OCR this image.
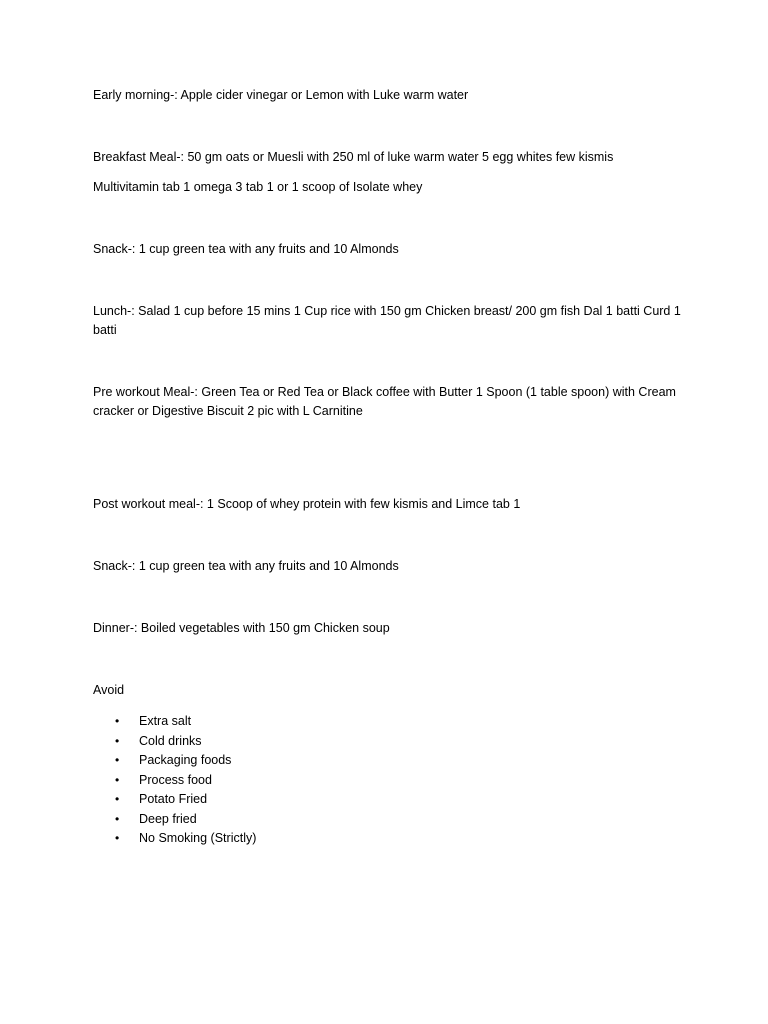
Early morning-: Apple cider vinegar or Lemon with Luke warm water

Breakfast Meal-: 50 gm oats or Muesli with 250 ml of luke warm water 5 egg whites few kismis

Multivitamin tab 1 omega 3 tab 1 or 1 scoop of Isolate whey

Snack-: 1 cup green tea with any fruits and 10 Almonds

Lunch-: Salad 1 cup before 15 mins 1 Cup rice with 150 gm Chicken breast/ 200 gm fish Dal 1 batti Curd 1 batti

Pre workout Meal-: Green Tea or Red Tea or Black coffee with Butter 1 Spoon (1 table spoon) with Cream cracker or Digestive Biscuit 2 pic with L Carnitine

Post workout meal-: 1 Scoop of whey protein with few kismis and Limce tab 1

Snack-: 1 cup green tea with any fruits and 10 Almonds

Dinner-: Boiled vegetables with 150 gm Chicken soup

Avoid

• Extra salt
• Cold drinks
• Packaging foods
• Process food
• Potato Fried
• Deep fried
• No Smoking (Strictly)
